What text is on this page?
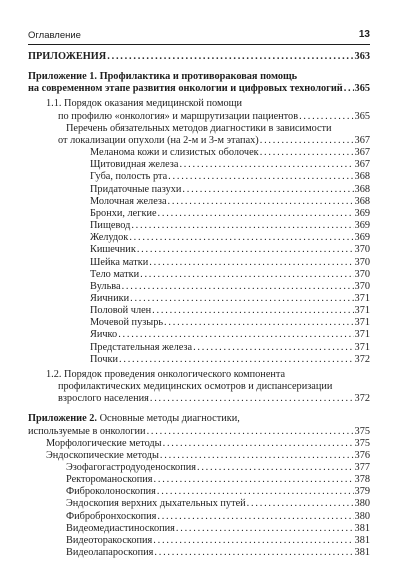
Оглавление	13
ПРИЛОЖЕНИЯ . . .	363
Приложение 1. Профилактика и противораковая помощь
на современном этапе развития онкологии и цифровых технологий . . . 365
1.1. Порядок оказания медицинской помощи
по профилю «онкология» и маршрутизации пациентов . . .	365
Перечень обязательных методов диагностики в зависимости
от локализации опухоли (на 2-м и 3-м этапах) . . .	367
Меланома кожи и слизистых оболочек . . .	367
Щитовидная железа . . .	367
Губа, полость рта . . .	368
Придаточные пазухи . . .	368
Молочная железа . . .	368
Бронхи, легкие . . .	369
Пищевод . . .	369
Желудок . . .	369
Кишечник . . .	370
Шейка матки . . .	370
Тело матки . . .	370
Вульва . . .	370
Яичники . . .	371
Половой член . . .	371
Мочевой пузырь . . .	371
Яичко . . .	371
Предстательная железа . . .	371
Почки . . .	372
1.2. Порядок проведения онкологического компонента
профилактических медицинских осмотров и диспансеризации
взрослого населения . . .	372
Приложение 2. Основные методы диагностики,
используемые в онкологии . . .	375
Морфологические методы . . .	375
Эндоскопические методы . . .	376
Эзофагогастродуоденоскопия . . .	377
Ректороманоскопия . . .	378
Фиброколоноскопия . . .	379
Эндоскопия верхних дыхательных путей . . .	380
Фибробронхоскопия . . .	380
Видеомедиастиноскопия . . .	381
Видеоторакоскопия . . .	381
Видеолапароскопия . . .	381
